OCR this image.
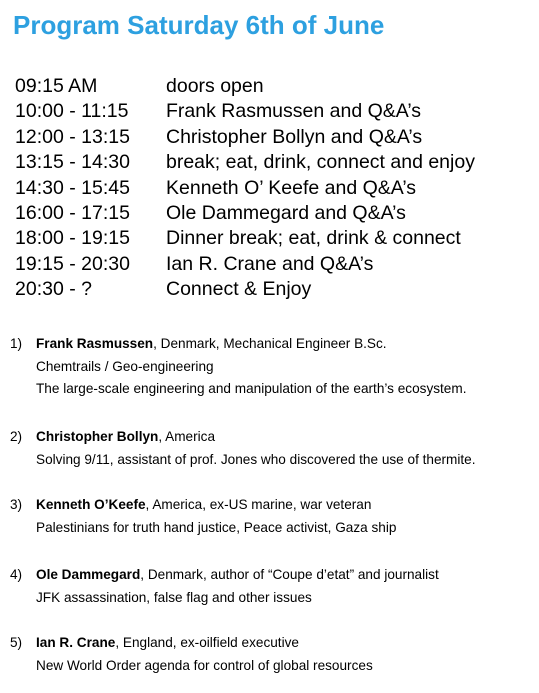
Program Saturday 6th of June
09:15 AM	doors open
10:00 - 11:15	Frank Rasmussen and Q&A’s
12:00 - 13:15	Christopher Bollyn and Q&A’s
13:15 - 14:30	break; eat, drink, connect and enjoy
14:30 - 15:45	Kenneth O’ Keefe and Q&A’s
16:00 - 17:15	Ole Dammegard and Q&A’s
18:00 - 19:15	Dinner break; eat, drink & connect
19:15 - 20:30	Ian R. Crane and Q&A’s
20:30 - ?	Connect & Enjoy
1)	Frank Rasmussen, Denmark, Mechanical Engineer B.Sc.
Chemtrails / Geo-engineering
The large-scale engineering and manipulation of the earth’s ecosystem.
2)	Christopher Bollyn, America
Solving 9/11, assistant of prof. Jones who discovered the use of thermite.
3)	Kenneth O’Keefe, America, ex-US marine, war veteran
Palestinians for truth hand justice, Peace activist, Gaza ship
4)	Ole Dammegard, Denmark, author of “Coupe d’etat” and journalist
JFK assassination, false flag and other issues
5)	Ian R. Crane, England, ex-oilfield executive
New World Order agenda for control of global resources
